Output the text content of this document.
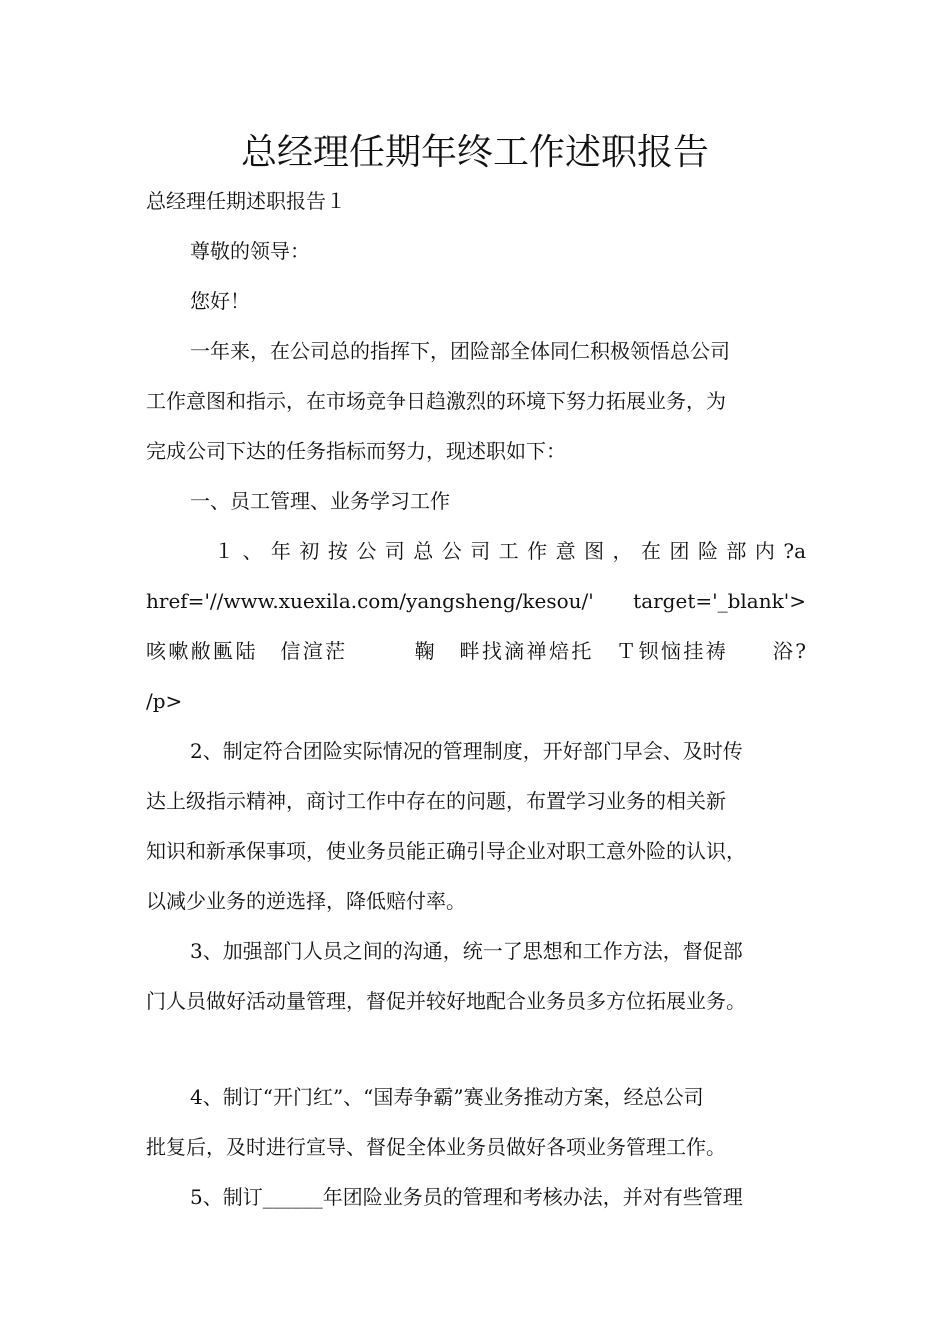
总经理任期年终工作述职报告
总经理任期述职报告１
尊敬的领导：
您好！
一年来，在公司总的指挥下，团险部全体同仁积极领悟总公司
工作意图和指示，在市场竞争日趋激烈的环境下努力拓展业务，为
完成公司下达的任务指标而努力，现述职如下：
一、员工管理、业务学习工作
１、年初按公司总公司工作意图，在团险部内?a
href='//www.xuexila.com/yangsheng/kesou/'　target='_blank'>
咳嗽敝匭陆　信渲茫　　　鞠　畔找滴禅焙托　Ｔ钡恼挂祷　　浴?
/p>
2、制定符合团险实际情况的管理制度，开好部门早会、及时传
达上级指示精神，商讨工作中存在的问题，布置学习业务的相关新
知识和新承保事项，使业务员能正确引导企业对职工意外险的认识，
以减少业务的逆选择，降低赔付率。
3、加强部门人员之间的沟通，统一了思想和工作方法，督促部
门人员做好活动量管理，督促并较好地配合业务员多方位拓展业务。
4、制订“开门红”、“国寿争霸”赛业务推动方案，经总公司
批复后，及时进行宣导、督促全体业务员做好各项业务管理工作。
5、制订______年团险业务员的管理和考核办法，并对有些管理
